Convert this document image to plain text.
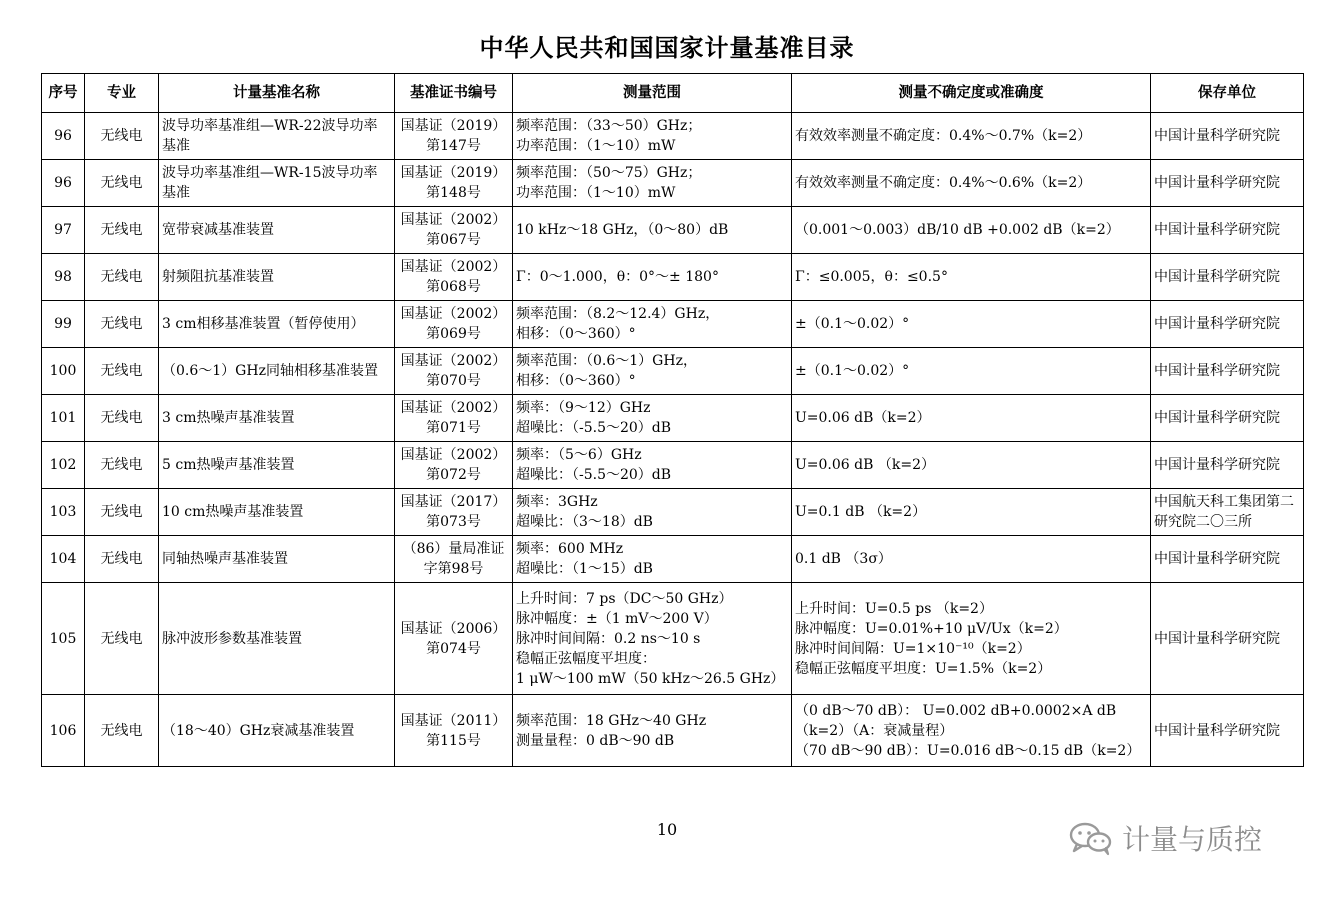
中华人民共和国国家计量基准目录
序号	专业	计量基准名称	基准证书编号	测量范围	测量不确定度或准确度	保存单位
96	无线电	波导功率基准组—WR-22波导功率基准	国基证（2019）
第147号	频率范围：（33～50）GHz；
功率范围：（1～10）mW	有效效率测量不确定度：0.4%～0.7%（k=2）	中国计量科学研究院
96	无线电	波导功率基准组—WR-15波导功率基准	国基证（2019）
第148号	频率范围：（50～75）GHz；
功率范围：（1～10）mW	有效效率测量不确定度：0.4%～0.6%（k=2）	中国计量科学研究院
97	无线电	宽带衰减基准装置	国基证（2002）
第067号	10 kHz～18 GHz，（0～80）dB	（0.001～0.003）dB/10 dB +0.002 dB（k=2）	中国计量科学研究院
98	无线电	射频阻抗基准装置	国基证（2002）
第068号	Γ：0～1.000，θ：0°～± 180°	Γ：≤0.005，θ：≤0.5°	中国计量科学研究院
99	无线电	3 cm相移基准装置（暂停使用）	国基证（2002）
第069号	频率范围：（8.2～12.4）GHz，
相移：（0～360）°	±（0.1～0.02）°	中国计量科学研究院
100	无线电	（0.6～1）GHz同轴相移基准装置	国基证（2002）
第070号	频率范围：（0.6～1）GHz，
相移：（0～360）°	±（0.1～0.02）°	中国计量科学研究院
101	无线电	3 cm热噪声基准装置	国基证（2002）
第071号	频率：（9～12）GHz
超噪比：（-5.5～20）dB	U=0.06 dB（k=2）	中国计量科学研究院
102	无线电	5 cm热噪声基准装置	国基证（2002）
第072号	频率：（5～6）GHz
超噪比：（-5.5～20）dB	U=0.06 dB （k=2）	中国计量科学研究院
103	无线电	10 cm热噪声基准装置	国基证（2017）
第073号	频率：3GHz
超噪比：（3～18）dB	U=0.1 dB （k=2）	中国航天科工集团第二研究院二〇三所
104	无线电	同轴热噪声基准装置	（86）量局准证
字第98号	频率：600 MHz
超噪比：（1～15）dB	0.1 dB （3σ）	中国计量科学研究院
105	无线电	脉冲波形参数基准装置	国基证（2006）
第074号	上升时间：7 ps（DC～50 GHz）
脉冲幅度：±（1 mV～200 V）
脉冲时间间隔：0.2 ns～10 s
稳幅正弦幅度平坦度：
1 μW～100 mW（50 kHz～26.5 GHz）	上升时间：U=0.5 ps （k=2）
脉冲幅度：U=0.01%+10 μV/Ux（k=2）
脉冲时间间隔：U=1×10⁻¹⁰（k=2）
稳幅正弦幅度平坦度：U=1.5%（k=2）	中国计量科学研究院
106	无线电	（18～40）GHz衰减基准装置	国基证（2011）
第115号	频率范围：18 GHz～40 GHz
测量量程：0 dB～90 dB	（0 dB～70 dB）： U=0.002 dB+0.0002×A dB（k=2）（A：衰减量程）
（70 dB～90 dB）：U=0.016 dB～0.15 dB（k=2）	中国计量科学研究院
10	计量与质控
